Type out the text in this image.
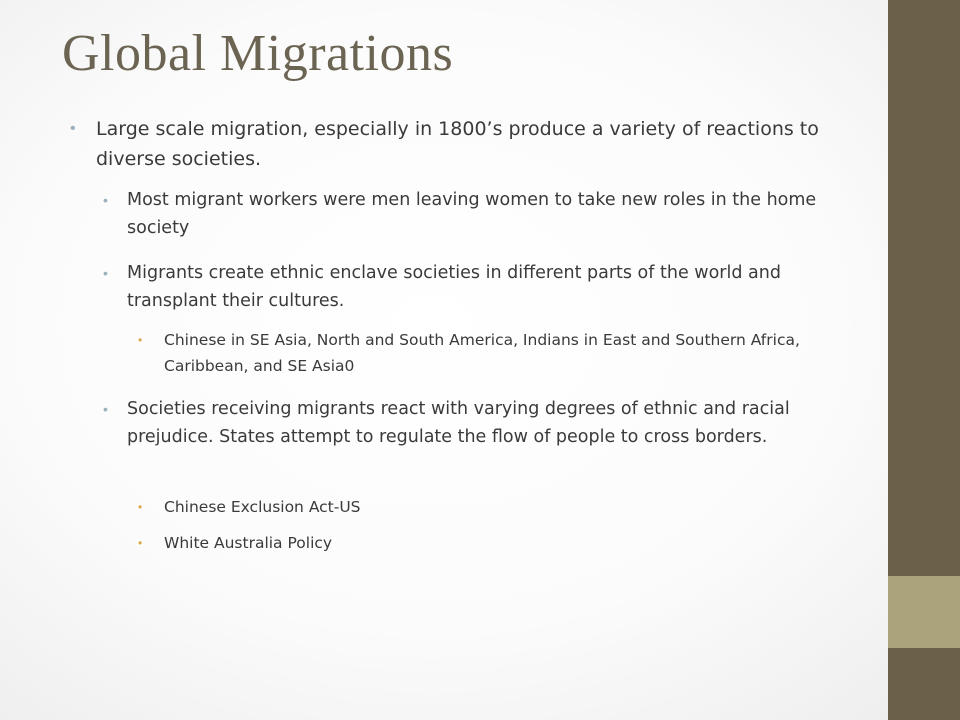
Global Migrations
•	Large scale migration, especially in 1800’s produce a variety of reactions to diverse societies.
•	Most migrant workers were men leaving women to take new roles in the home society
•	Migrants create ethnic enclave societies in different parts of the world and transplant their cultures.
•	Chinese in SE Asia, North and South America, Indians in East and Southern Africa, Caribbean, and SE Asia0
•	Societies receiving migrants react with varying degrees of ethnic and racial prejudice. States attempt to regulate the flow of people to cross borders.
•	Chinese Exclusion Act-US
•	White Australia Policy
